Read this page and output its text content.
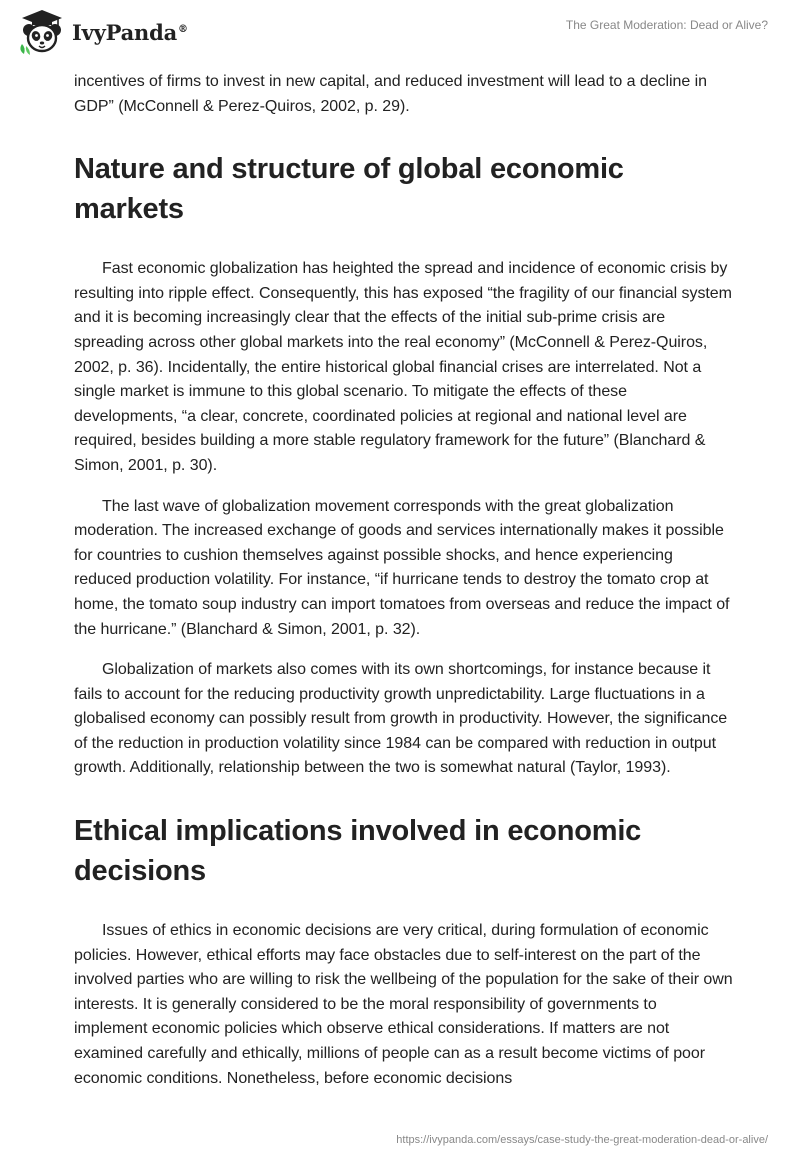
IvyPanda®	The Great Moderation: Dead or Alive?

incentives of firms to invest in new capital, and reduced investment will lead to a decline in GDP” (McConnell & Perez-Quiros, 2002, p. 29).

Nature and structure of global economic markets

Fast economic globalization has heighted the spread and incidence of economic crisis by resulting into ripple effect. Consequently, this has exposed “the fragility of our financial system and it is becoming increasingly clear that the effects of the initial sub-prime crisis are spreading across other global markets into the real economy” (McConnell & Perez-Quiros, 2002, p. 36). Incidentally, the entire historical global financial crises are interrelated. Not a single market is immune to this global scenario. To mitigate the effects of these developments, “a clear, concrete, coordinated policies at regional and national level are required, besides building a more stable regulatory framework for the future” (Blanchard & Simon, 2001, p. 30).

The last wave of globalization movement corresponds with the great globalization moderation. The increased exchange of goods and services internationally makes it possible for countries to cushion themselves against possible shocks, and hence experiencing reduced production volatility. For instance, “if hurricane tends to destroy the tomato crop at home, the tomato soup industry can import tomatoes from overseas and reduce the impact of the hurricane.” (Blanchard & Simon, 2001, p. 32).

Globalization of markets also comes with its own shortcomings, for instance because it fails to account for the reducing productivity growth unpredictability. Large fluctuations in a globalised economy can possibly result from growth in productivity. However, the significance of the reduction in production volatility since 1984 can be compared with reduction in output growth. Additionally, relationship between the two is somewhat natural (Taylor, 1993).

Ethical implications involved in economic decisions

Issues of ethics in economic decisions are very critical, during formulation of economic policies. However, ethical efforts may face obstacles due to self-interest on the part of the involved parties who are willing to risk the wellbeing of the population for the sake of their own interests. It is generally considered to be the moral responsibility of governments to implement economic policies which observe ethical considerations. If matters are not examined carefully and ethically, millions of people can as a result become victims of poor economic conditions. Nonetheless, before economic decisions

https://ivypanda.com/essays/case-study-the-great-moderation-dead-or-alive/
